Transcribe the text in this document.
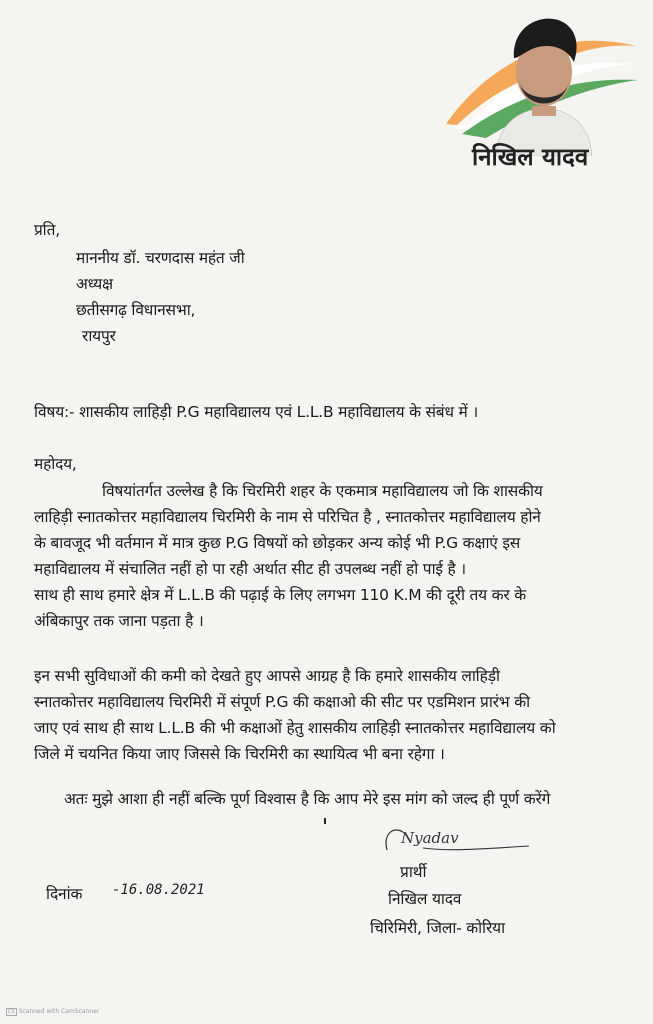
निखिल यादव
प्रति,
माननीय डॉ. चरणदास महंत जी
अध्यक्ष
छतीसगढ़ विधानसभा,
रायपुर
विषय:- शासकीय लाहिड़ी P.G महाविद्यालय एवं L.L.B महाविद्यालय के संबंध में ।
महोदय,
विषयांतर्गत उल्लेख है कि चिरमिरी शहर के एकमात्र महाविद्यालय जो कि शासकीय
लाहिड़ी स्नातकोत्तर महाविद्यालय चिरमिरी के नाम से परिचित है , स्नातकोत्तर महाविद्यालय होने
के बावजूद भी वर्तमान में मात्र कुछ P.G विषयों को छोड़कर अन्य कोई भी P.G कक्षाएं इस
महाविद्यालय में संचालित नहीं हो पा रही अर्थात सीट ही उपलब्ध नहीं हो पाई है ।
साथ ही साथ हमारे क्षेत्र में L.L.B की पढ़ाई के लिए लगभग 110 K.M की दूरी तय कर के
अंबिकापुर तक जाना पड़ता है ।
इन सभी सुविधाओं की कमी को देखते हुए आपसे आग्रह है कि हमारे शासकीय लाहिड़ी
स्नातकोत्तर महाविद्यालय चिरमिरी में संपूर्ण P.G की कक्षाओ की सीट पर एडमिशन प्रारंभ की
जाए एवं साथ ही साथ L.L.B की भी कक्षाओं हेतु शासकीय लाहिड़ी स्नातकोत्तर महाविद्यालय को
जिले में चयनित किया जाए जिससे कि चिरमिरी का स्थायित्व भी बना रहेगा ।
अतः मुझे आशा ही नहीं बल्कि पूर्ण विश्वास है कि आप मेरे इस मांग को जल्द ही पूर्ण करेंगे
Nyadav
प्रार्थी
निखिल यादव
चिरिमिरी, जिला- कोरिया
दिनांक -16.08.2021
CS Scanned with CamScanner
